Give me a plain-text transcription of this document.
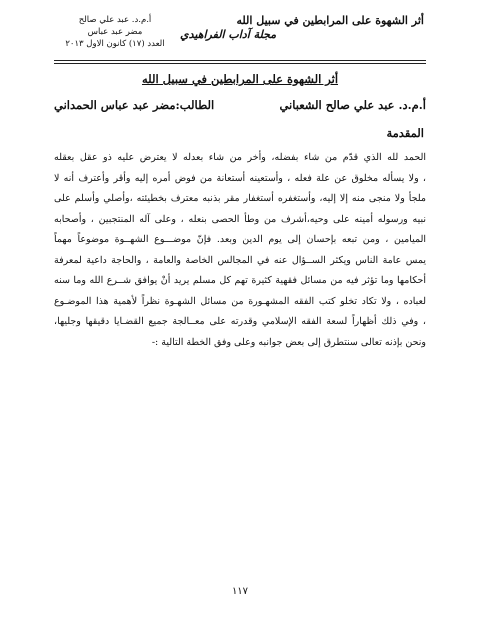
أثر الشهوة على المرابطين في سبيل الله
مجلة آداب الفراهيدي
أ.م.د. عبد علي صالح
مضر عبد عباس
العدد (١٧) كانون الاول ٢٠١٣
أثر الشهوة على المرابطين في سبيل الله
أ.م.د. عبد علي صالح الشعباني
الطالب:مضر عبد عباس الحمداني
المقدمة
الحمد لله الذي قدّم من شاء بفضله، وأخر من شاء بعدله لا يعترض عليه ذو عقل بعقله
، ولا يسأله مخلوق عن علة فعله ، وأستعينه أستعانة من فوض أمره إليه وأقر وأعترف أنه لا
ملجأ ولا منجى منه إلا إليه، وأستغفره أستغفار مقر بذنبه معترف بخطيئته ،وأصلي وأسلم على
نبيه ورسوله أمينه على وحيه،أشرف من وطأ الحصى بنعله ، وعلى آله المنتجبين ، وأصحابه
الميامين ، ومن تبعه بإحسان إلى يوم الدين وبعد. فإنّ موضـــوع الشهــوة موضوعاً مهماً
يمس عامة الناس ويكثر الســؤال عنه في المجالس الخاصة والعامة ، والحاجة داعية لمعرفة
أحكامها وما تؤثر فيه من مسائل فقهية كثيرة تهم كل مسلم يريد أنْ يوافق شــرع الله وما سنه
لعباده ، ولا تكاد تخلو كتب الفقه المشهـورة من مسائل الشهـوة نظراً لأهمية هذا الموضـوع
، وفي ذلك أظهاراً لسعة الفقه الإسلامي وقدرته على معــالجة جميع القضـايا دقيقها وجليها،
ونحن بإذنه تعالى سنتطرق إلى بعض جوانبه وعلى وفق الخطة التالية :-
١١٧
